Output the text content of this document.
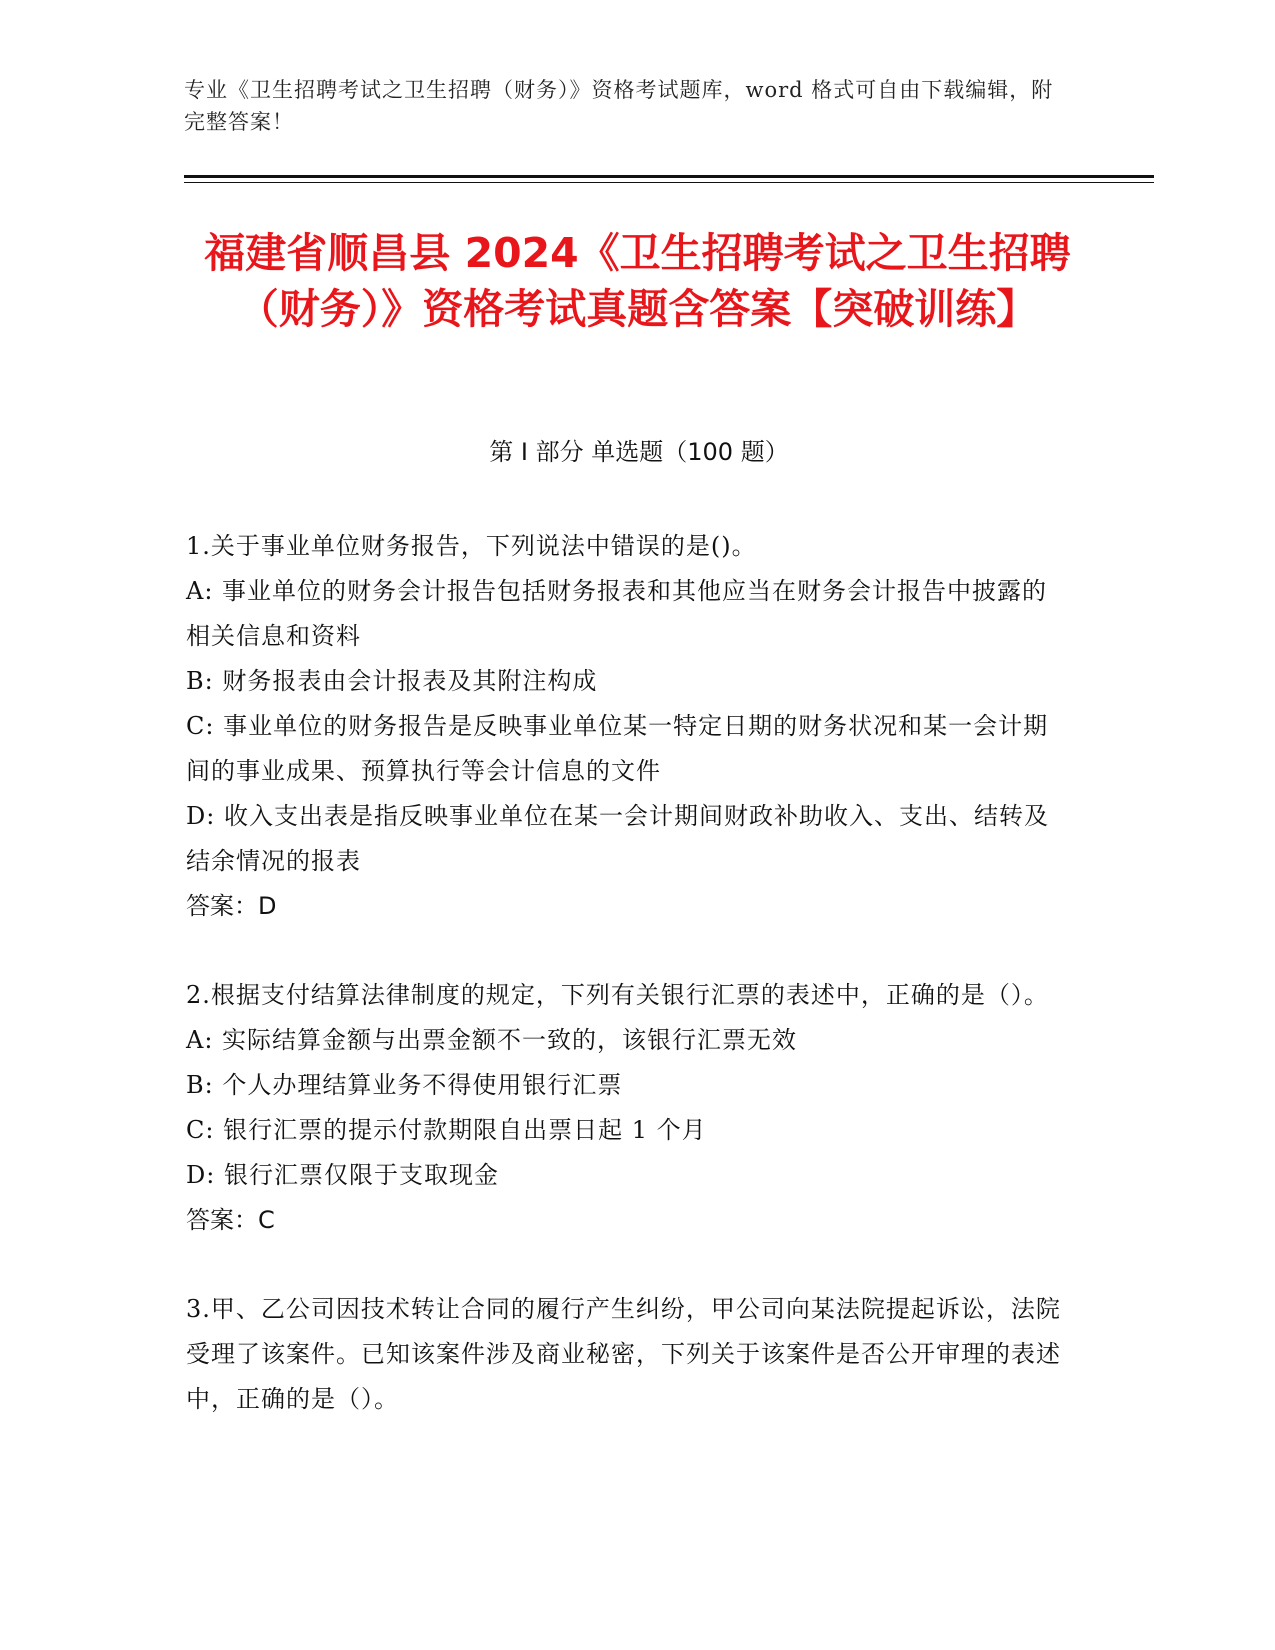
专业《卫生招聘考试之卫生招聘（财务）》资格考试题库，word 格式可自由下载编辑，附完整答案！
福建省顺昌县 2024《卫生招聘考试之卫生招聘（财务）》资格考试真题含答案【突破训练】
第 I 部分 单选题（100 题）

1.关于事业单位财务报告，下列说法中错误的是()。

A: 事业单位的财务会计报告包括财务报表和其他应当在财务会计报告中披露的相关信息和资料

B: 财务报表由会计报表及其附注构成

C: 事业单位的财务报告是反映事业单位某一特定日期的财务状况和某一会计期间的事业成果、预算执行等会计信息的文件

D: 收入支出表是指反映事业单位在某一会计期间财政补助收入、支出、结转及结余情况的报表

答案：D

2.根据支付结算法律制度的规定，下列有关银行汇票的表述中，正确的是（）。

A: 实际结算金额与出票金额不一致的，该银行汇票无效

B: 个人办理结算业务不得使用银行汇票

C: 银行汇票的提示付款期限自出票日起 1 个月

D: 银行汇票仅限于支取现金

答案：C

3.甲、乙公司因技术转让合同的履行产生纠纷，甲公司向某法院提起诉讼，法院受理了该案件。已知该案件涉及商业秘密，下列关于该案件是否公开审理的表述中，正确的是（）。
